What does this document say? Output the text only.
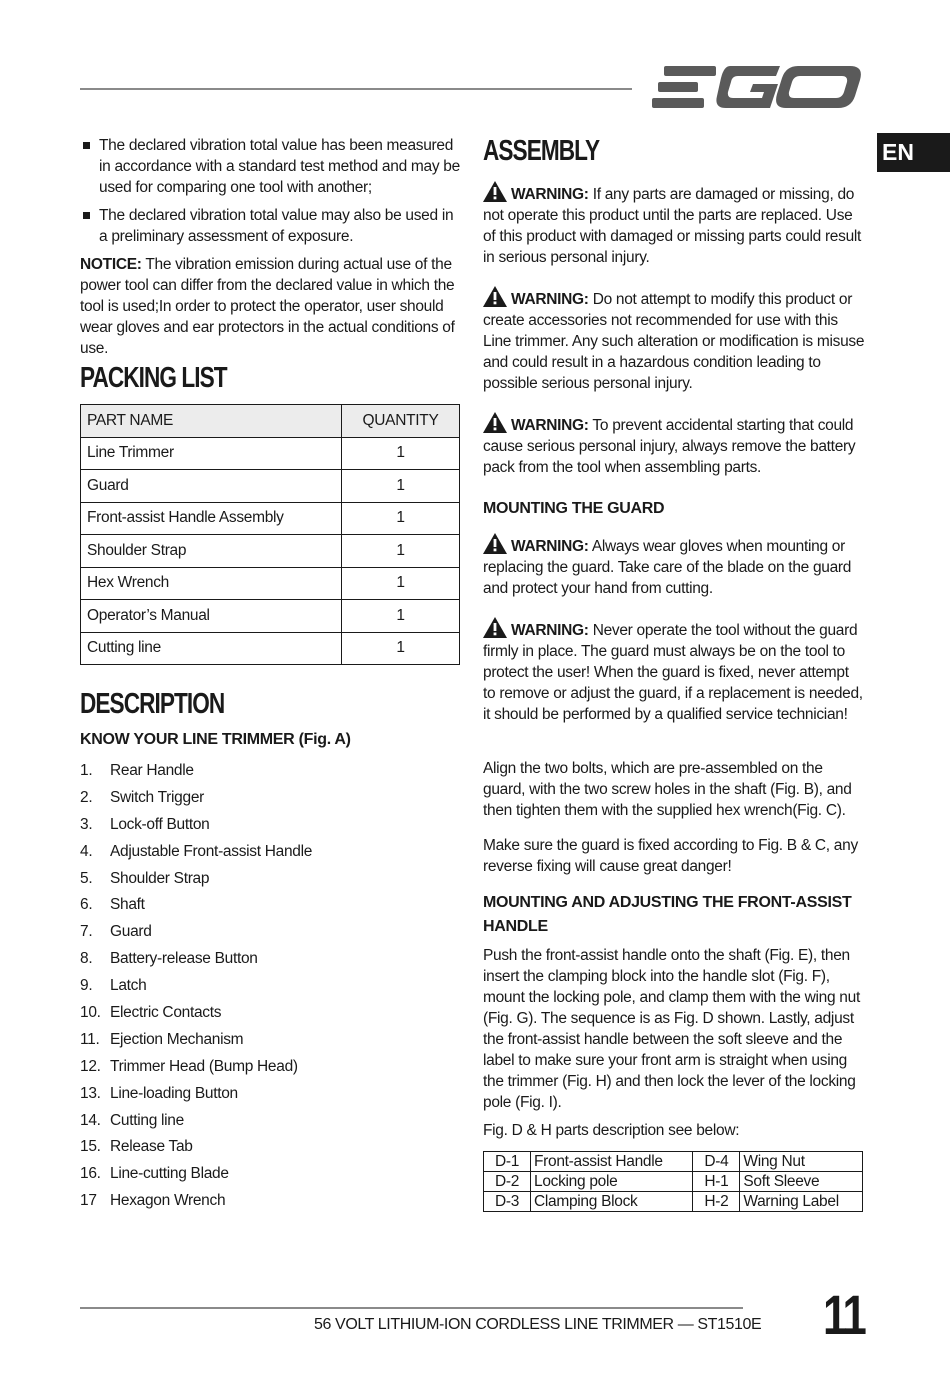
EN
The declared vibration total value has been measured in accordance with a standard test method and may be used for comparing one tool with another;
The declared vibration total value may also be used in a preliminary assessment of exposure.
NOTICE: The vibration emission during actual use of the power tool can differ from the declared value in which the tool is used;In order to protect the operator, user should wear gloves and ear protectors in the actual conditions of use.
PACKING LIST
PART NAME	QUANTITY
Line Trimmer	1
Guard	1
Front-assist Handle Assembly	1
Shoulder Strap	1
Hex Wrench	1
Operator’s Manual	1
Cutting line	1
DESCRIPTION
KNOW YOUR LINE TRIMMER (Fig. A)
1. Rear Handle
2. Switch Trigger
3. Lock-off Button
4. Adjustable Front-assist Handle
5. Shoulder Strap
6. Shaft
7. Guard
8. Battery-release Button
9. Latch
10. Electric Contacts
11. Ejection Mechanism
12. Trimmer Head (Bump Head)
13. Line-loading Button
14. Cutting line
15. Release Tab
16. Line-cutting Blade
17 Hexagon Wrench
ASSEMBLY
WARNING: If any parts are damaged or missing, do not operate this product until the parts are replaced. Use of this product with damaged or missing parts could result in serious personal injury.
WARNING: Do not attempt to modify this product or create accessories not recommended for use with this Line trimmer. Any such alteration or modification is misuse and could result in a hazardous condition leading to possible serious personal injury.
WARNING: To prevent accidental starting that could cause serious personal injury, always remove the battery pack from the tool when assembling parts.
MOUNTING THE GUARD
WARNING: Always wear gloves when mounting or replacing the guard. Take care of the blade on the guard and protect your hand from cutting.
WARNING: Never operate the tool without the guard firmly in place. The guard must always be on the tool to protect the user! When the guard is fixed, never attempt to remove or adjust the guard, if a replacement is needed, it should be performed by a qualified service technician!
Align the two bolts, which are pre-assembled on the guard, with the two screw holes in the shaft (Fig. B), and then tighten them with the supplied hex wrench(Fig. C).
Make sure the guard is fixed according to Fig. B & C, any reverse fixing will cause great danger!
MOUNTING AND ADJUSTING THE FRONT-ASSIST HANDLE
Push the front-assist handle onto the shaft (Fig. E), then insert the clamping block into the handle slot (Fig. F), mount the locking pole, and clamp them with the wing nut (Fig. G). The sequence is as Fig. D shown. Lastly, adjust the front-assist handle between the soft sleeve and the label to make sure your front arm is straight when using the trimmer (Fig. H) and then lock the lever of the locking pole (Fig. I).
Fig. D & H parts description see below:
D-1	Front-assist Handle	D-4	Wing Nut
D-2	Locking pole	H-1	Soft Sleeve
D-3	Clamping Block	H-2	Warning Label
56 VOLT LITHIUM-ION CORDLESS LINE TRIMMER — ST1510E 11
